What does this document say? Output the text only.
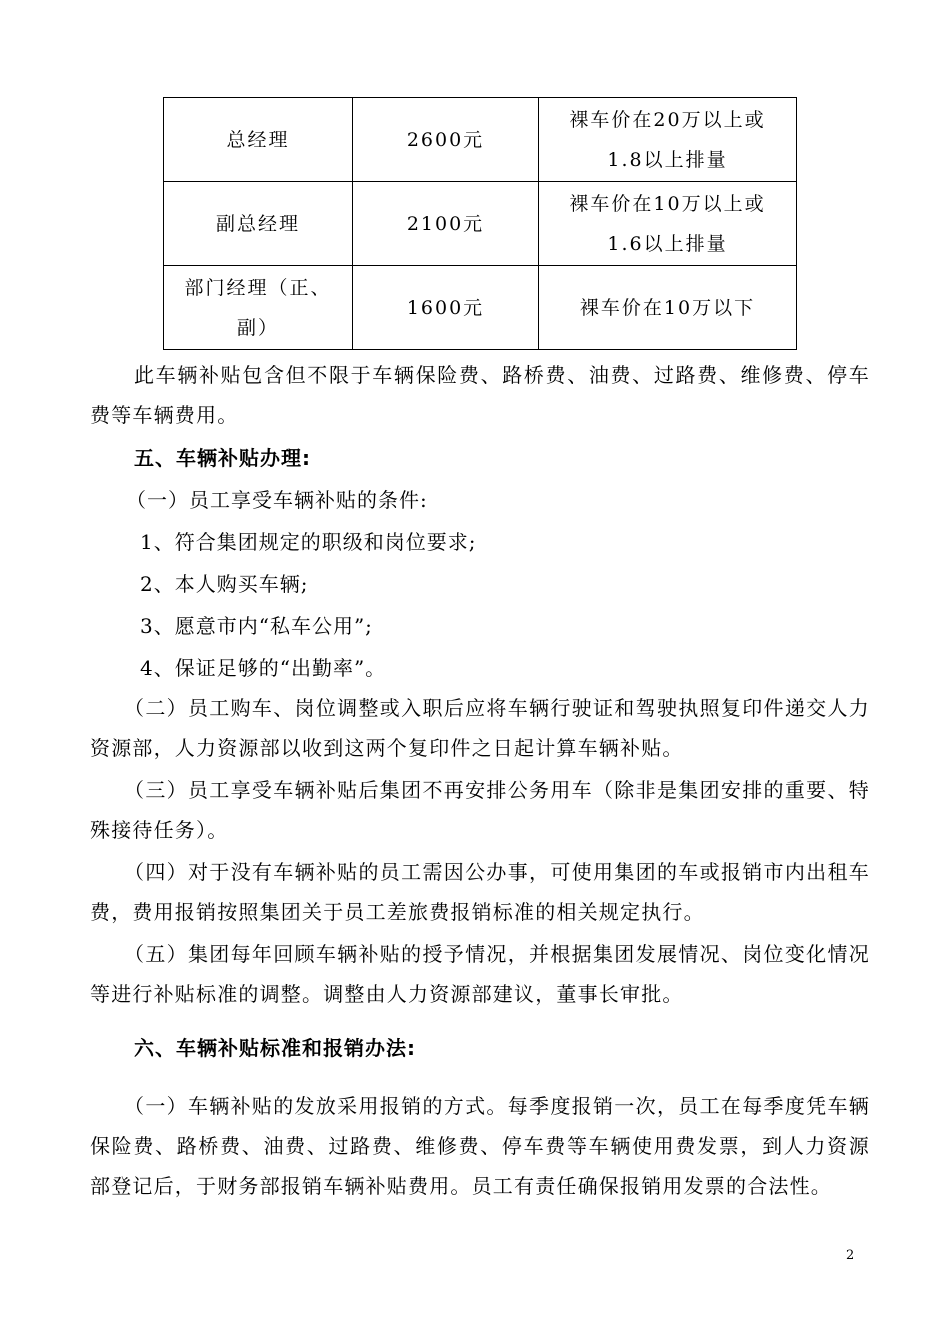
总经理	2600元	裸车价在20万以上或
1.8以上排量

副总经理	2100元	裸车价在10万以上或
1.6以上排量

部门经理（正、
副）	1600元	裸车价在10万以下
此车辆补贴包含但不限于车辆保险费、路桥费、油费、过路费、维修费、停车费等车辆费用。
五、车辆补贴办理:
（一）员工享受车辆补贴的条件:
1、符合集团规定的职级和岗位要求;
2、本人购买车辆;
3、愿意市内“私车公用”;
4、保证足够的“出勤率”。
（二）员工购车、岗位调整或入职后应将车辆行驶证和驾驶执照复印件递交人力资源部，人力资源部以收到这两个复印件之日起计算车辆补贴。
（三）员工享受车辆补贴后集团不再安排公务用车（除非是集团安排的重要、特殊接待任务）。
（四）对于没有车辆补贴的员工需因公办事，可使用集团的车或报销市内出租车费，费用报销按照集团关于员工差旅费报销标准的相关规定执行。
（五）集团每年回顾车辆补贴的授予情况，并根据集团发展情况、岗位变化情况等进行补贴标准的调整。调整由人力资源部建议，董事长审批。
六、车辆补贴标准和报销办法:
（一）车辆补贴的发放采用报销的方式。每季度报销一次，员工在每季度凭车辆保险费、路桥费、油费、过路费、维修费、停车费等车辆使用费发票，到人力资源部登记后，于财务部报销车辆补贴费用。员工有责任确保报销用发票的合法性。
2
